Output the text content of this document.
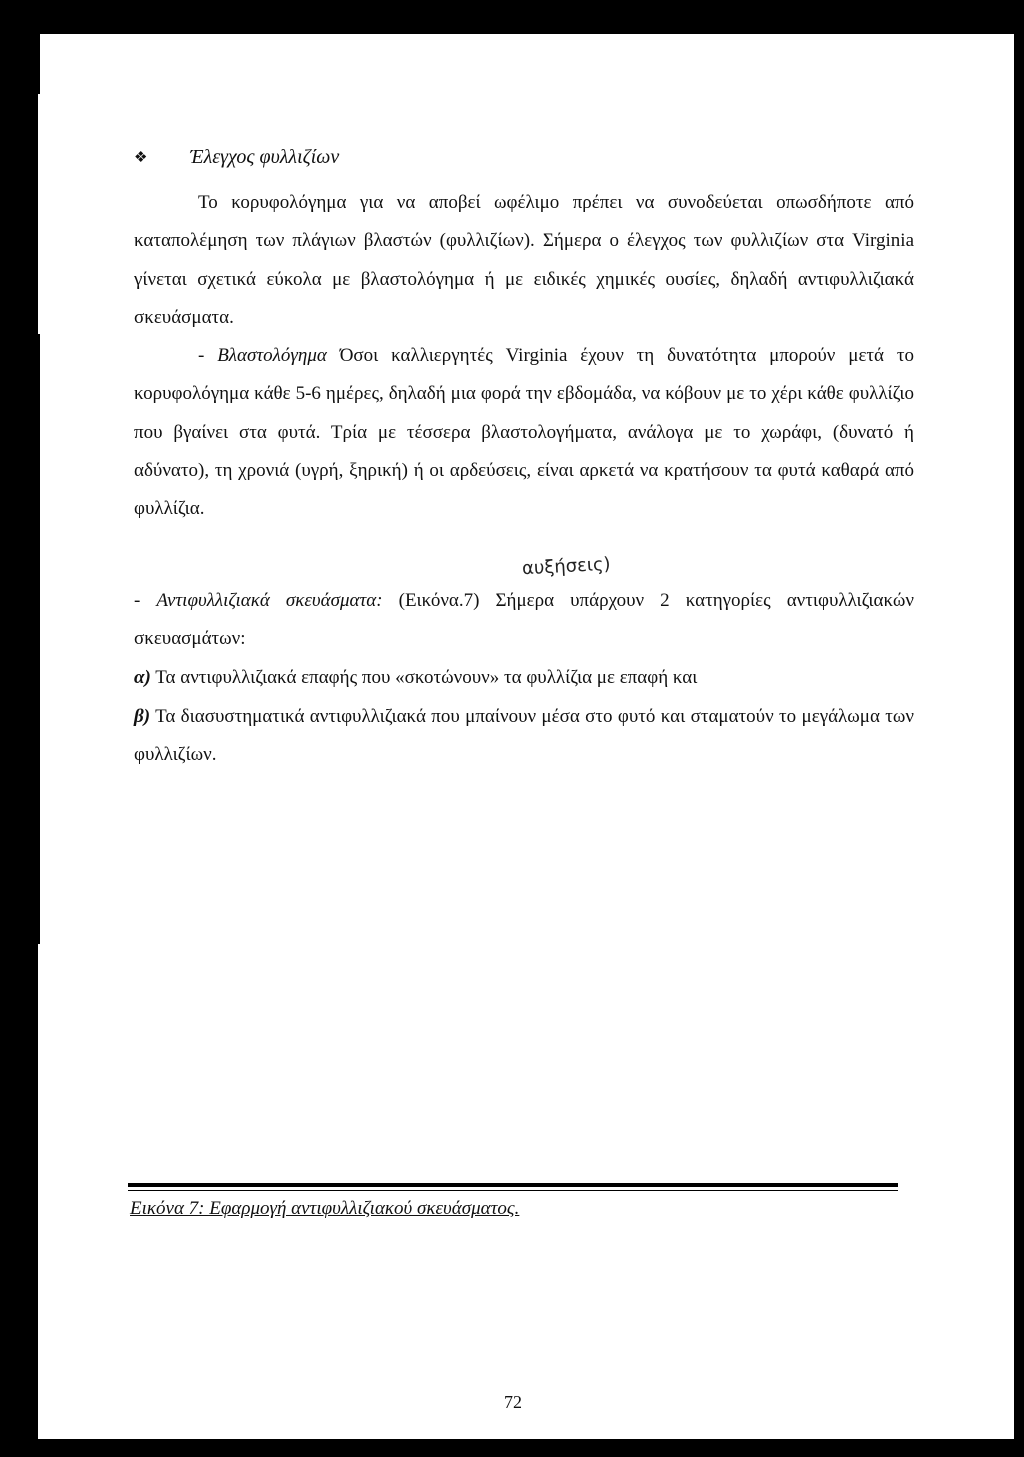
❖ Έλεγχος φυλλιζίων

Το κορυφολόγημα για να αποβεί ωφέλιμο πρέπει να συνοδεύεται οπωσδήποτε από καταπολέμηση των πλάγιων βλαστών (φυλλιζίων). Σήμερα ο έλεγχος των φυλλιζίων στα Virginia γίνεται σχετικά εύκολα με βλαστολόγημα ή με ειδικές χημικές ουσίες, δηλαδή αντιφυλλιζιακά σκευάσματα.

- Βλαστολόγημα Όσοι καλλιεργητές Virginia έχουν τη δυνατότητα μπορούν μετά το κορυφολόγημα κάθε 5-6 ημέρες, δηλαδή μια φορά την εβδομάδα, να κόβουν με το χέρι κάθε φυλλίζιο που βγαίνει στα φυτά. Τρία με τέσσερα βλαστολογήματα, ανάλογα με το χωράφι, (δυνατό ή αδύνατο), τη χρονιά (υγρή, ξηρική) ή οι αρδεύσεις, είναι αρκετά να κρατήσουν τα φυτά καθαρά από φυλλίζια.

αυξήσεις)

- Αντιφυλλιζιακά σκευάσματα: (Εικόνα.7) Σήμερα υπάρχουν 2 κατηγορίες αντιφυλλιζιακών σκευασμάτων:

α) Τα αντιφυλλιζιακά επαφής που «σκοτώνουν» τα φυλλίζια με επαφή και

β) Τα διασυστηματικά αντιφυλλιζιακά που μπαίνουν μέσα στο φυτό και σταματούν το μεγάλωμα των φυλλιζίων.

Εικόνα 7: Εφαρμογή αντιφυλλιζιακού σκευάσματος.
72
